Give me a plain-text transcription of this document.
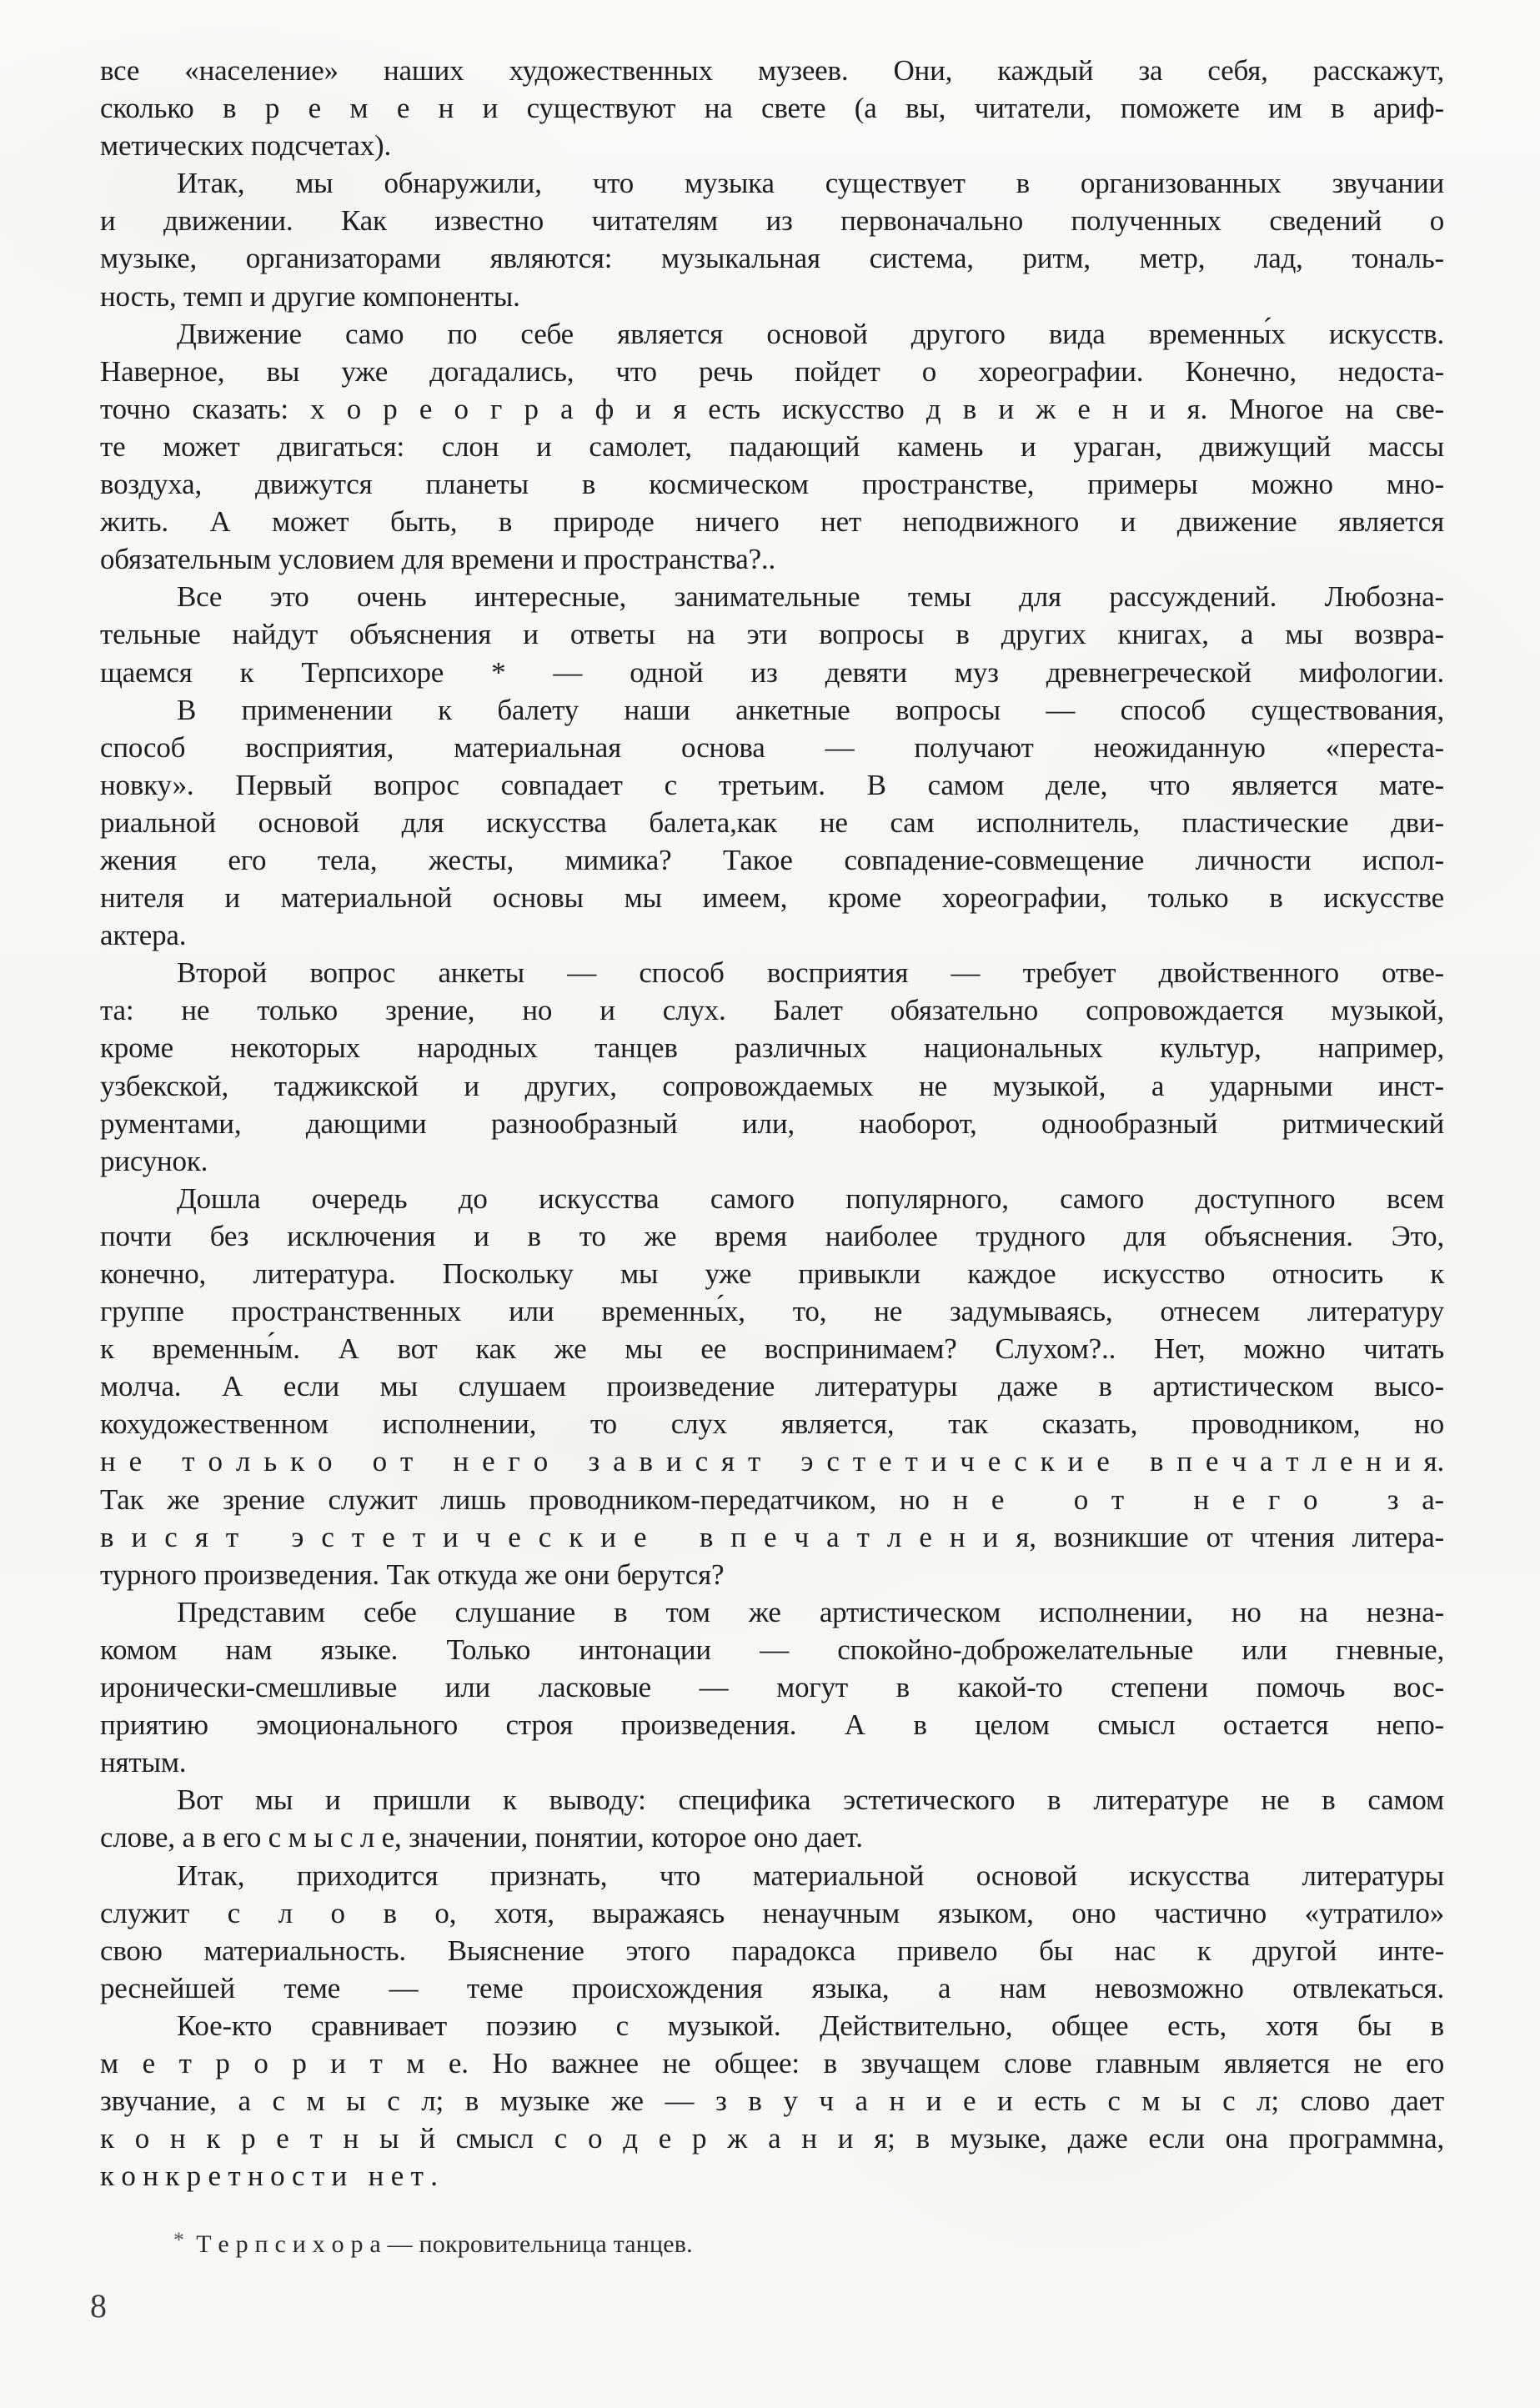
все «население» наших художественных музеев. Они, каждый за себя, расскажут,
сколько в р е м е н и существуют на свете (а вы, читатели, поможете им в ариф-
метических подсчетах).
Итак, мы обнаружили, что музыка существует в организованных звучании
и движении. Как известно читателям из первоначально полученных сведений о
музыке, организаторами являются: музыкальная система, ритм, метр, лад, тональ-
ность, темп и другие компоненты.
Движение само по себе является основой другого вида временны́х искусств.
Наверное, вы уже догадались, что речь пойдет о хореографии. Конечно, недоста-
точно сказать: х о р е о г р а ф и я есть искусство д в и ж е н и я. Многое на све-
те может двигаться: слон и самолет, падающий камень и ураган, движущий массы
воздуха, движутся планеты в космическом пространстве, примеры можно мно-
жить. А может быть, в природе ничего нет неподвижного и движение является
обязательным условием для времени и пространства?..
Все это очень интересные, занимательные темы для рассуждений. Любозна-
тельные найдут объяснения и ответы на эти вопросы в других книгах, а мы возвра-
щаемся к Терпсихоре * — одной из девяти муз древнегреческой мифологии.
В применении к балету наши анкетные вопросы — способ существования,
способ восприятия, материальная основа — получают неожиданную «переста-
новку». Первый вопрос совпадает с третьим. В самом деле, что является мате-
риальной основой для искусства балета,как не сам исполнитель, пластические дви-
жения его тела, жесты, мимика? Такое совпадение-совмещение личности испол-
нителя и материальной основы мы имеем, кроме хореографии, только в искусстве
актера.
Второй вопрос анкеты — способ восприятия — требует двойственного отве-
та: не только зрение, но и слух. Балет обязательно сопровождается музыкой,
кроме некоторых народных танцев различных национальных культур, например,
узбекской, таджикской и других, сопровождаемых не музыкой, а ударными инст-
рументами, дающими разнообразный или, наоборот, однообразный ритмический
рисунок.
Дошла очередь до искусства самого популярного, самого доступного всем
почти без исключения и в то же время наиболее трудного для объяснения. Это,
конечно, литература. Поскольку мы уже привыкли каждое искусство относить к
группе пространственных или временны́х, то, не задумываясь, отнесем литературу
к временны́м. А вот как же мы ее воспринимаем? Слухом?.. Нет, можно читать
молча. А если мы слушаем произведение литературы даже в артистическом высо-
кохудожественном исполнении, то слух является, так сказать, проводником, но
н е   т о л ь к о   о т   н е г о   з а в и с я т   э с т е т и ч е с к и е   в п е ч а т л е н и я.
Так же зрение служит лишь проводником-передатчиком, но н е   о т   н е г о   з а-
в и с я т   э с т е т и ч е с к и е   в п е ч а т л е н и я, возникшие от чтения литера-
турного произведения. Так откуда же они берутся?
Представим себе слушание в том же артистическом исполнении, но на незна-
комом нам языке. Только интонации — спокойно-доброжелательные или гневные,
иронически-смешливые или ласковые — могут в какой-то степени помочь вос-
приятию эмоционального строя произведения. А в целом смысл остается непо-
нятым.
Вот мы и пришли к выводу: специфика эстетического в литературе не в самом
слове, а в его с м ы с л е, значении, понятии, которое оно дает.
Итак, приходится признать, что материальной основой искусства литературы
служит с л о в о, хотя, выражаясь ненаучным языком, оно частично «утратило»
свою материальность. Выяснение этого парадокса привело бы нас к другой инте-
реснейшей теме — теме происхождения языка, а нам невозможно отвлекаться.
Кое-кто сравнивает поэзию с музыкой. Действительно, общее есть, хотя бы в
м е т р о р и т м е. Но важнее не общее: в звучащем слове главным является не его
звучание, а с м ы с л; в музыке же — з в у ч а н и е и есть с м ы с л; слово дает
к о н к р е т н ы й смысл с о д е р ж а н и я; в музыке, даже если она программна,
к о н к р е т н о с т и   н е т .
* Т е р п с и х о р а — покровительница танцев.
8
